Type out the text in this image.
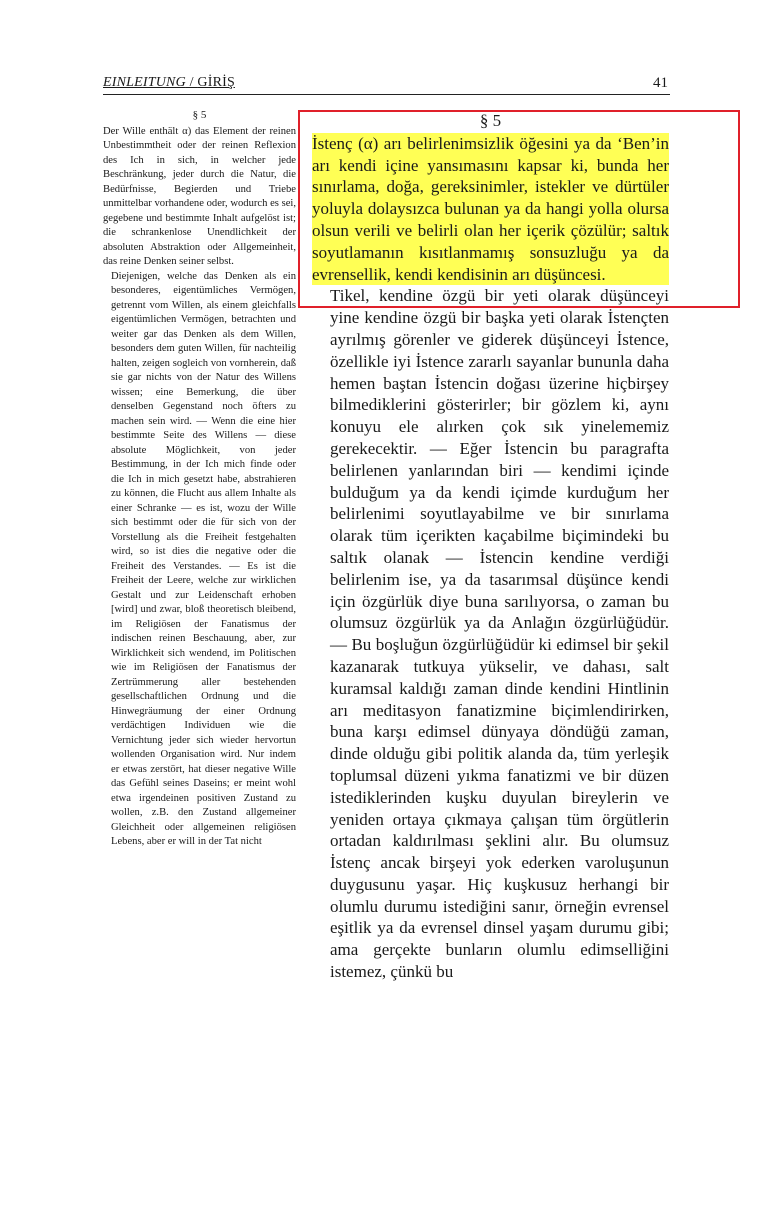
EINLEITUNG / GİRİŞ	41
§ 5

Der Wille enthält α) das Element der reinen Unbestimmtheit oder der reinen Reflexion des Ich in sich, in welcher jede Beschränkung, jeder durch die Natur, die Bedürfnisse, Begierden und Triebe unmittelbar vorhandene oder, wodurch es sei, gegebene und bestimmte Inhalt aufgelöst ist; die schrankenlose Unendlichkeit der absoluten Abstraktion oder Allgemeinheit, das reine Denken seiner selbst.

Diejenigen, welche das Denken als ein besonderes, eigentümliches Vermögen, getrennt vom Willen, als einem gleichfalls eigentümlichen Vermögen, betrachten und weiter gar das Denken als dem Willen, besonders dem guten Willen, für nachteilig halten, zeigen sogleich von vornherein, daß sie gar nichts von der Natur des Willens wissen; eine Bemerkung, die über denselben Gegenstand noch öfters zu machen sein wird. — Wenn die eine hier bestimmte Seite des Willens — diese absolute Möglichkeit, von jeder Bestimmung, in der Ich mich finde oder die Ich in mich gesetzt habe, abstrahieren zu können, die Flucht aus allem Inhalte als einer Schranke — es ist, wozu der Wille sich bestimmt oder die für sich von der Vorstellung als die Freiheit festgehalten wird, so ist dies die negative oder die Freiheit des Verstandes. — Es ist die Freiheit der Leere, welche zur wirklichen Gestalt und zur Leidenschaft erhoben [wird] und zwar, bloß theoretisch bleibend, im Religiösen der Fanatismus der indischen reinen Beschauung, aber, zur Wirklichkeit sich wendend, im Politischen wie im Religiösen der Fanatismus der Zertrümmerung aller bestehenden gesellschaftlichen Ordnung und die Hinwegräumung der einer Ordnung verdächtigen Individuen wie die Vernichtung jeder sich wieder hervortun wollenden Organisation wird. Nur indem er etwas zerstört, hat dieser negative Wille das Gefühl seines Daseins; er meint wohl etwa irgendeinen positiven Zustand zu wollen, z.B. den Zustand allgemeiner Gleichheit oder allgemeinen religiösen Lebens, aber er will in der Tat nicht

§ 5

İstenç (α) arı belirlenimsizlik öğesini ya da ‘Ben’in arı kendi içine yansımasını kapsar ki, bunda her sınırlama, doğa, gereksinimler, istekler ve dürtüler yoluyla dolaysızca bulunan ya da hangi yolla olursa olsun verili ve belirli olan her içerik çözülür; saltık soyutlamanın kısıtlanmamış sonsuzluğu ya da evrensellik, kendi kendisinin arı düşüncesi.

Tikel, kendine özgü bir yeti olarak düşünceyi yine kendine özgü bir başka yeti olarak İstençten ayrılmış görenler ve giderek düşünceyi İstence, özellikle iyi İstence zararlı sayanlar bununla daha hemen baştan İstencin doğası üzerine hiçbirşey bilmediklerini gösterirler; bir gözlem ki, aynı konuyu ele alırken çok sık yinelememiz gerekecektir. — Eğer İstencin bu paragrafta belirlenen yanlarından biri — kendimi içinde bulduğum ya da kendi içimde kurduğum her belirlenimi soyutlayabilme ve bir sınırlama olarak tüm içerikten kaçabilme biçimindeki bu saltık olanak — İstencin kendine verdiği belirlenim ise, ya da tasarımsal düşünce kendi için özgürlük diye buna sarılıyorsa, o zaman bu olumsuz özgürlük ya da Anlağın özgürlüğüdür. — Bu boşluğun özgürlüğüdür ki edimsel bir şekil kazanarak tutkuya yükselir, ve dahası, salt kuramsal kaldığı zaman dinde kendini Hintlinin arı meditasyon fanatizmine biçimlendirirken, buna karşı edimsel dünyaya döndüğü zaman, dinde olduğu gibi politik alanda da, tüm yerleşik toplumsal düzeni yıkma fanatizmi ve bir düzen istediklerinden kuşku duyulan bireylerin ve yeniden ortaya çıkmaya çalışan tüm örgütlerin ortadan kaldırılması şeklini alır. Bu olumsuz İstenç ancak birşeyi yok ederken varoluşunun duygusunu yaşar. Hiç kuşkusuz herhangi bir olumlu durumu istediğini sanır, örneğin evrensel eşitlik ya da evrensel dinsel yaşam durumu gibi; ama gerçekte bunların olumlu edimselliğini istemez, çünkü bu
